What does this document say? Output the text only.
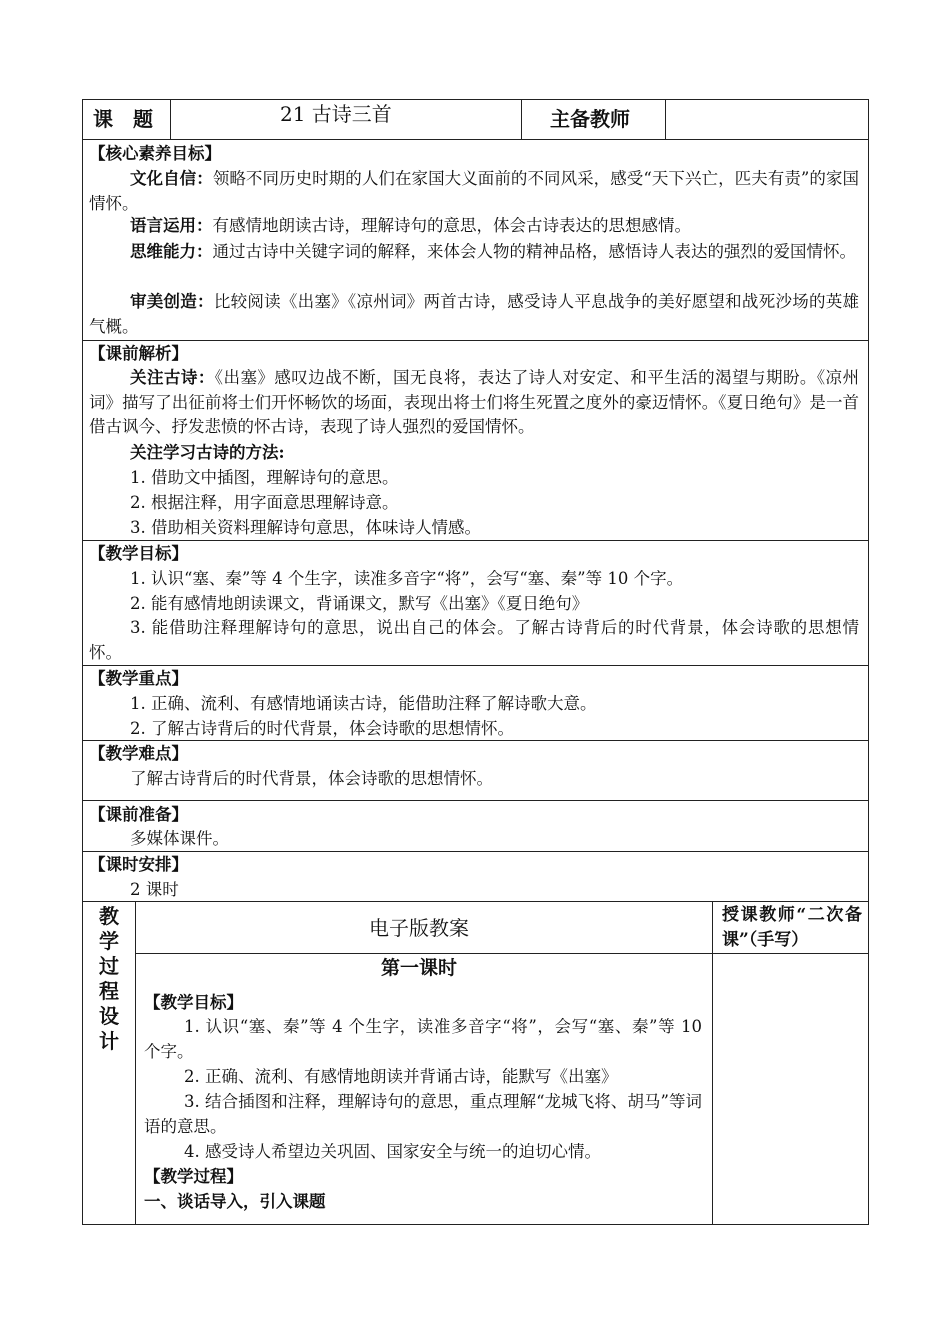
课　题	21 古诗三首	主备教师
【核心素养目标】
文化自信：领略不同历史时期的人们在家国大义面前的不同风采，感受“天下兴亡，匹夫有责”的家国情怀。
语言运用：有感情地朗读古诗，理解诗句的意思，体会古诗表达的思想感情。
思维能力：通过古诗中关键字词的解释，来体会人物的精神品格，感悟诗人表达的强烈的爱国情怀。
审美创造：比较阅读《出塞》《凉州词》两首古诗，感受诗人平息战争的美好愿望和战死沙场的英雄气概。
【课前解析】
关注古诗：《出塞》感叹边战不断，国无良将，表达了诗人对安定、和平生活的渴望与期盼。《凉州词》描写了出征前将士们开怀畅饮的场面，表现出将士们将生死置之度外的豪迈情怀。《夏日绝句》是一首借古讽今、抒发悲愤的怀古诗，表现了诗人强烈的爱国情怀。
关注学习古诗的方法:
1. 借助文中插图，理解诗句的意思。
2. 根据注释，用字面意思理解诗意。
3. 借助相关资料理解诗句意思，体味诗人情感。
【教学目标】
1. 认识“塞、秦”等 4 个生字，读准多音字“将”，会写“塞、秦”等 10 个字。
2. 能有感情地朗读课文，背诵课文，默写《出塞》《夏日绝句》
3. 能借助注释理解诗句的意思，说出自己的体会。了解古诗背后的时代背景，体会诗歌的思想情怀。
【教学重点】
1. 正确、流利、有感情地诵读古诗，能借助注释了解诗歌大意。
2. 了解古诗背后的时代背景，体会诗歌的思想情怀。
【教学难点】
了解古诗背后的时代背景，体会诗歌的思想情怀。
【课前准备】
多媒体课件。
【课时安排】
2 课时
教学过程设计
电子版教案
授课教师“二次备课”（手写）
第一课时
【教学目标】
1. 认识“塞、秦”等 4 个生字，读准多音字“将”，会写“塞、秦”等 10 个字。
2. 正确、流利、有感情地朗读并背诵古诗，能默写《出塞》
3. 结合插图和注释，理解诗句的意思，重点理解“龙城飞将、胡马”等词语的意思。
4. 感受诗人希望边关巩固、国家安全与统一的迫切心情。
【教学过程】
一、谈话导入，引入课题
